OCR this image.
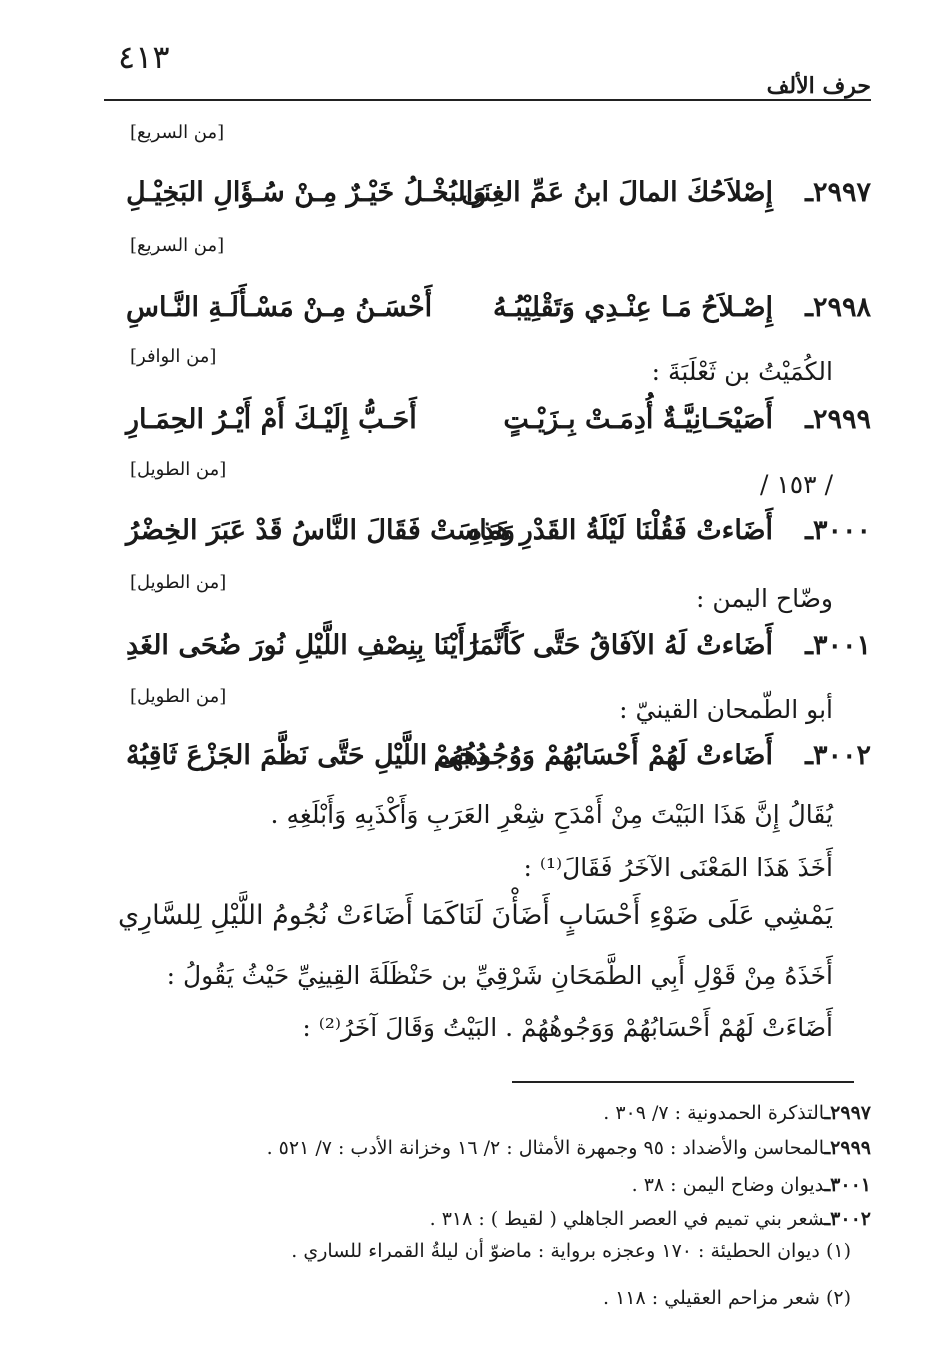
٤١٣
حرف الألف
[من السريع]
٢٩٩٧ـ
إِصْلاَحُكَ المالَ ابنُ عَمِّ الغِنَى
وَالبُخْـلُ خَيْـرٌ مِـنْ سُـؤَالِ البَخِيْـلِ
[من السريع]
٢٩٩٨ـ
إِصْـلاَحُ مَـا عِنْـدِي وَتَقْلِيْبُـهُ
أَحْسَـنُ مِـنْ مَسْـأَلَـةِ النَّـاسِ
[من الوافر]
الكُمَيْتُ بن ثَعْلَبَةَ :
٢٩٩٩ـ
أَصَيْحَـانِيَّـةٌ أُدِمَـتْ بِـزَيْـتٍ
أَحَـبُّ إِلَيْـكَ أَمْ أَيْـرُ الحِمَـارِ
[من الطويل]
/ ١٥٣ /
٣٠٠٠ـ
أَضَاءتْ فَقُلْنَا لَيْلَةُ القَدْرِ هَذِهِ
وَمَاسَتْ فَقَالَ النَّاسُ قَدْ عَبَرَ الخِضْرُ
[من الطويل]
وضّاح اليمن :
٣٠٠١ـ
أَضَاءتْ لَهُ الآفَاقُ حَتَّى كَأَنَّمَا
رَأَيْنَا بِنِصْفِ اللَّيْلِ نُورَ ضُحَى الغَدِ
[من الطويل]	أبو الطّمحان القينيّ :
٣٠٠٢ـ
أَضَاءتْ لَهُمْ أَحْسَابُهُمْ وَوُجُوهُهُمْ
دُجَى اللَّيْلِ حَتَّى نَظَّمَ الجَزْعَ ثَاقِبُهْ
يُقَالُ إِنَّ هَذَا البَيْتَ مِنْ أَمْدَحِ شِعْرِ العَرَبِ وَأَكْذَبِهِ وَأَبْلَغِهِ .
أَخَذَ هَذَا المَعْنَى الآخَرُ فَقَالَ⁽¹⁾ :
يَمْشِي عَلَى ضَوْءِ أَحْسَابٍ أَضَأْنَ لَنَا
كَمَا أَضَاءَتْ نُجُومُ اللَّيْلِ لِلسَّارِي
أَخَذَهُ مِنْ قَوْلِ أَبِي الطَّمَحَانِ شَرْقِيِّ بن حَنْظَلَةَ القِينِيِّ حَيْثُ يَقُولُ :
أَضَاءَتْ لَهُمْ أَحْسَابُهُمْ وَوَجُوهُهُمْ . البَيْتُ وَقَالَ آخَرُ⁽²⁾ :
٢٩٩٧ـالتذكرة الحمدونية : ٧/ ٣٠٩ .
٢٩٩٩ـالمحاسن والأضداد : ٩٥ وجمهرة الأمثال : ٢/ ١٦ وخزانة الأدب : ٧/ ٥٢١ .
٣٠٠١ـديوان وضاح اليمن : ٣٨ .
٣٠٠٢ـشعر بني تميم في العصر الجاهلي ( لقيط ) : ٣١٨ .
(١) ديوان الحطيئة : ١٧٠ وعجزه برواية : ماضوّ أن ليلةُ القمراء للساري .
(٢) شعر مزاحم العقيلي : ١١٨ .
